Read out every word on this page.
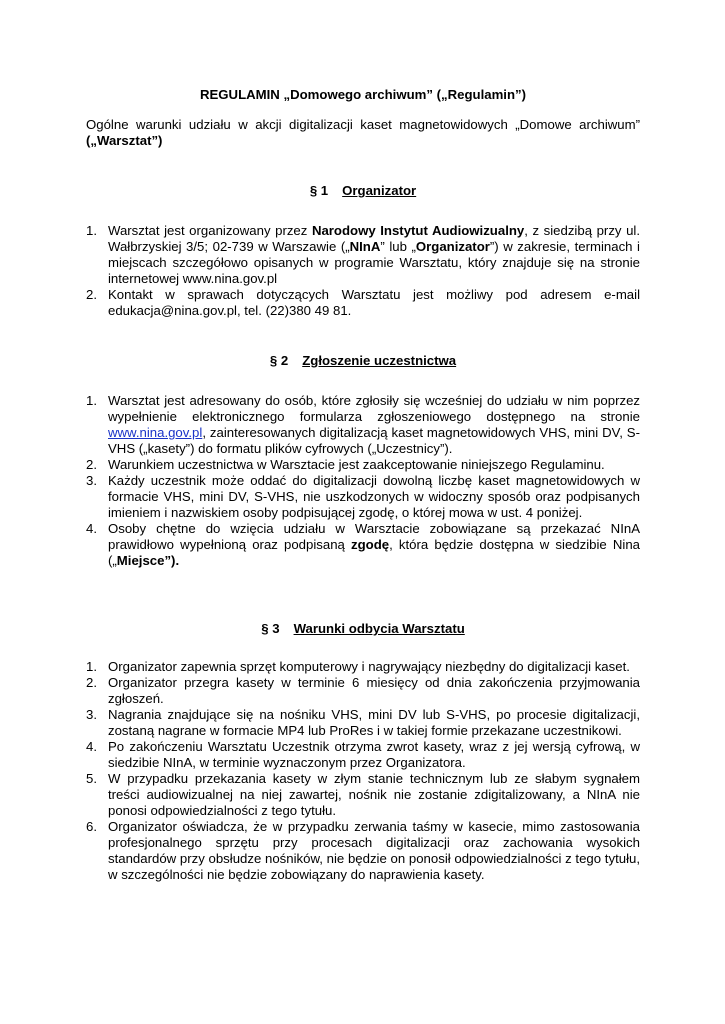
REGULAMIN „Domowego archiwum” („Regulamin”)

Ogólne warunki udziału w akcji digitalizacji kaset magnetowidowych „Domowe archiwum”
(„Warsztat”)

§ 1 Organizator

1. Warsztat jest organizowany przez Narodowy Instytut Audiowizualny, z siedzibą przy ul. Wałbrzyskiej 3/5; 02-739 w Warszawie („NInA” lub „Organizator”) w zakresie, terminach i miejscach szczegółowo opisanych w programie Warsztatu, który znajduje się na stronie internetowej www.nina.gov.pl
2. Kontakt w sprawach dotyczących Warsztatu jest możliwy pod adresem e-mail edukacja@nina.gov.pl, tel. (22)380 49 81.

§ 2 Zgłoszenie uczestnictwa

1. Warsztat jest adresowany do osób, które zgłosiły się wcześniej do udziału w nim poprzez wypełnienie elektronicznego formularza zgłoszeniowego dostępnego na stronie www.nina.gov.pl, zainteresowanych digitalizacją kaset magnetowidowych VHS, mini DV, S-VHS („kasety”) do formatu plików cyfrowych („Uczestnicy”).
2. Warunkiem uczestnictwa w Warsztacie jest zaakceptowanie niniejszego Regulaminu.
3. Każdy uczestnik może oddać do digitalizacji dowolną liczbę kaset magnetowidowych w formacie VHS, mini DV, S-VHS, nie uszkodzonych w widoczny sposób oraz podpisanych imieniem i nazwiskiem osoby podpisującej zgodę, o której mowa w ust. 4 poniżej.
4. Osoby chętne do wzięcia udziału w Warsztacie zobowiązane są przekazać NInA prawidłowo wypełnioną oraz podpisaną zgodę, która będzie dostępna w siedzibie Nina („Miejsce”).

§ 3 Warunki odbycia Warsztatu

1. Organizator zapewnia sprzęt komputerowy i nagrywający niezbędny do digitalizacji kaset.
2. Organizator przegra kasety w terminie 6 miesięcy od dnia zakończenia przyjmowania zgłoszeń.
3. Nagrania znajdujące się na nośniku VHS, mini DV lub S-VHS, po procesie digitalizacji, zostaną nagrane w formacie MP4 lub ProRes i w takiej formie przekazane uczestnikowi.
4. Po zakończeniu Warsztatu Uczestnik otrzyma zwrot kasety, wraz z jej wersją cyfrową, w siedzibie NInA, w terminie wyznaczonym przez Organizatora.
5. W przypadku przekazania kasety w złym stanie technicznym lub ze słabym sygnałem treści audiowizualnej na niej zawartej, nośnik nie zostanie zdigitalizowany, a NInA nie ponosi odpowiedzialności z tego tytułu.
6. Organizator oświadcza, że w przypadku zerwania taśmy w kasecie, mimo zastosowania profesjonalnego sprzętu przy procesach digitalizacji oraz zachowania wysokich standardów przy obsłudze nośników, nie będzie on ponosił odpowiedzialności z tego tytułu, w szczególności nie będzie zobowiązany do naprawienia kasety.
